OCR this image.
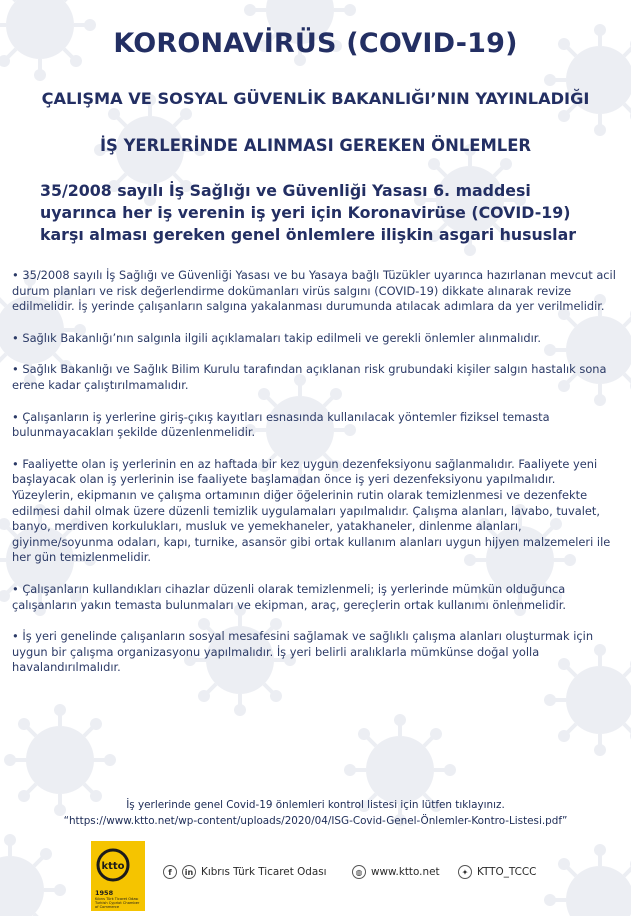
KORONAVİRÜS (COVID-19)
ÇALIŞMA VE SOSYAL GÜVENLİK BAKANLIĞI’NIN YAYINLADIĞI
İŞ YERLERİNDE ALINMASI GEREKEN ÖNLEMLER

35/2008 sayılı İş Sağlığı ve Güvenliği Yasası 6. maddesi uyarınca her iş verenin iş yeri için Koronavirüse (COVID-19) karşı alması gereken genel önlemlere ilişkin asgari hususlar

• 35/2008 sayılı İş Sağlığı ve Güvenliği Yasası ve bu Yasaya bağlı Tüzükler uyarınca hazırlanan mevcut acil durum planları ve risk değerlendirme dokümanları virüs salgını (COVID-19) dikkate alınarak revize edilmelidir. İş yerinde çalışanların salgına yakalanması durumunda atılacak adımlara da yer verilmelidir.
• Sağlık Bakanlığı’nın salgınla ilgili açıklamaları takip edilmeli ve gerekli önlemler alınmalıdır.
• Sağlık Bakanlığı ve Sağlık Bilim Kurulu tarafından açıklanan risk grubundaki kişiler salgın hastalık sona erene kadar çalıştırılmamalıdır.
• Çalışanların iş yerlerine giriş-çıkış kayıtları esnasında kullanılacak yöntemler fiziksel temasta bulunmayacakları şekilde düzenlenmelidir.
• Faaliyette olan iş yerlerinin en az haftada bir kez uygun dezenfeksiyonu sağlanmalıdır. Faaliyete yeni başlayacak olan iş yerlerinin ise faaliyete başlamadan önce iş yeri dezenfeksiyonu yapılmalıdır. Yüzeylerin, ekipmanın ve çalışma ortamının diğer öğelerinin rutin olarak temizlenmesi ve dezenfekte edilmesi dahil olmak üzere düzenli temizlik uygulamaları yapılmalıdır. Çalışma alanları, lavabo, tuvalet, banyo, merdiven korkulukları, musluk ve yemekhaneler, yatakhaneler, dinlenme alanları, giyinme/soyunma odaları, kapı, turnike, asansör gibi ortak kullanım alanları uygun hijyen malzemeleri ile her gün temizlenmelidir.
• Çalışanların kullandıkları cihazlar düzenli olarak temizlenmeli; iş yerlerinde mümkün olduğunca çalışanların yakın temasta bulunmaları ve ekipman, araç, gereçlerin ortak kullanımı önlenmelidir.
• İş yeri genelinde çalışanların sosyal mesafesini sağlamak ve sağlıklı çalışma alanları oluşturmak için uygun bir çalışma organizasyonu yapılmalıdır. İş yeri belirli aralıklarla mümkünse doğal yolla havalandırılmalıdır.
İş yerlerinde genel Covid-19 önlemleri kontrol listesi için lütfen tıklayınız.
“https://www.ktto.net/wp-content/uploads/2020/04/ISG-Covid-Genel-Önlemler-Kontro-Listesi.pdf”
ktto
1958
Kıbrıs Türk Ticaret Odası Turkish Cypriot Chamber of Commerce
f	in Kıbrıs Türk Ticaret Odası	◍ www.ktto.net	✦ KTTO_TCCC
